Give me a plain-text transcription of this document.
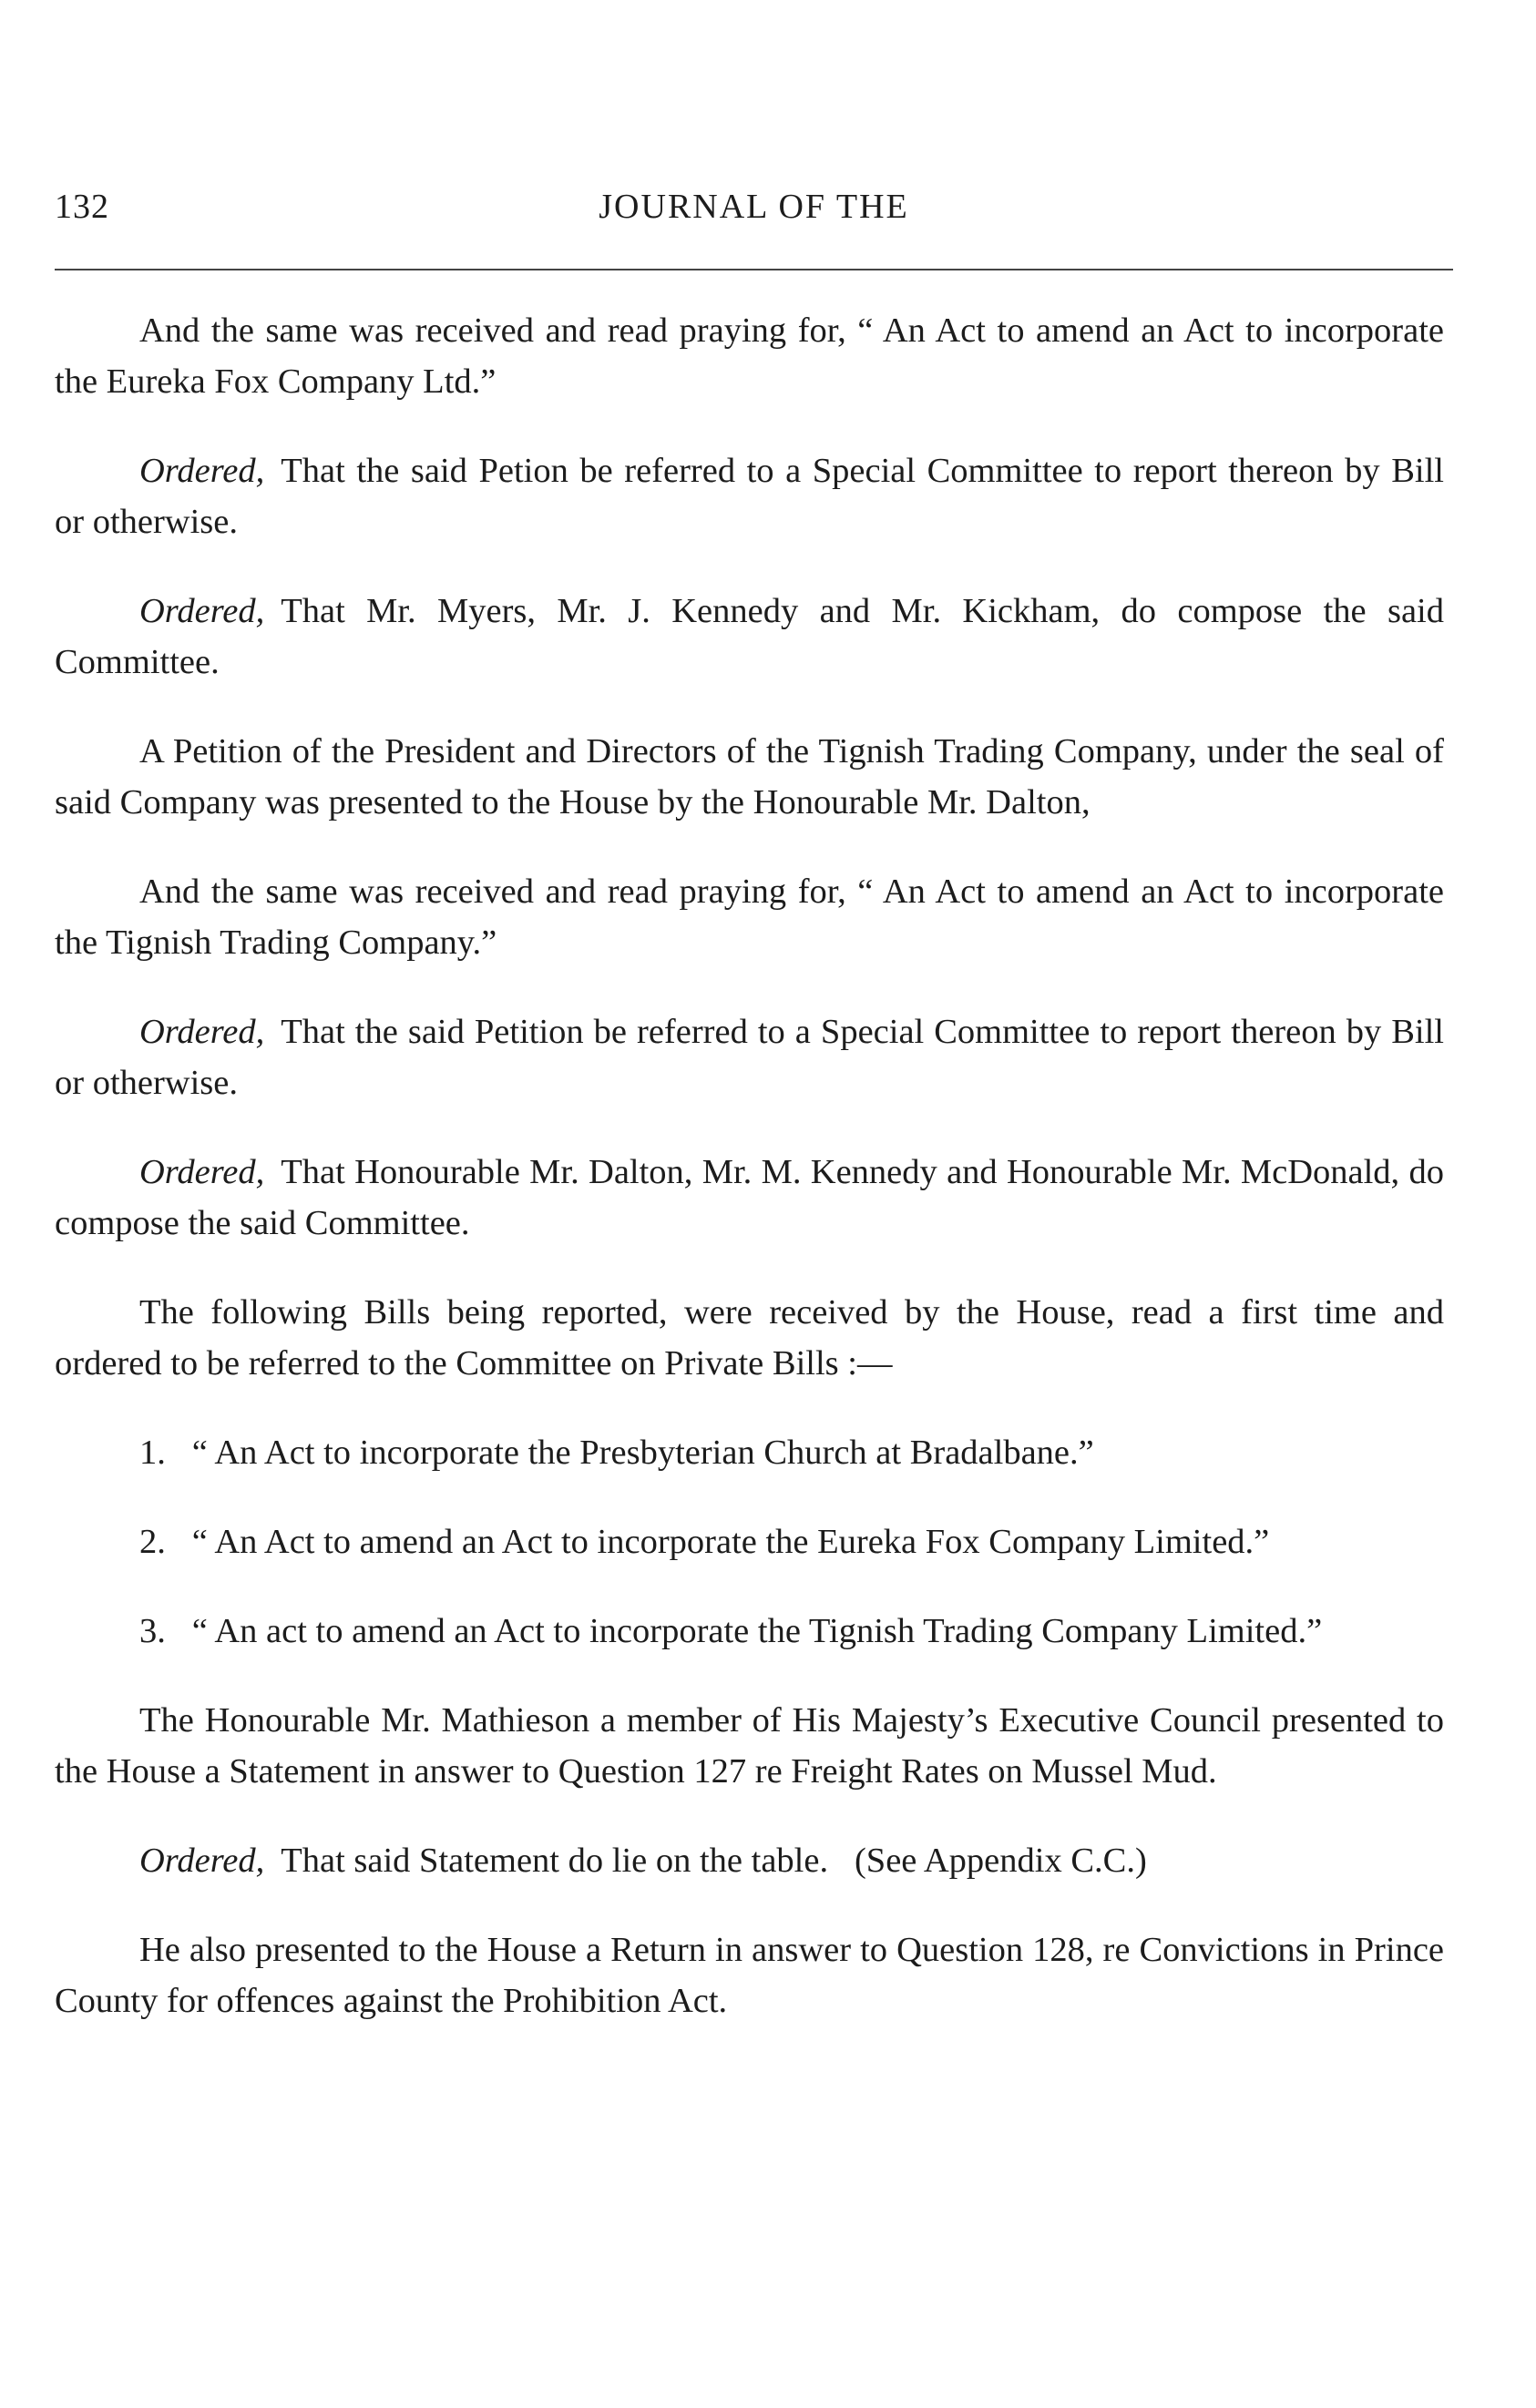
132	JOURNAL OF THE

And the same was received and read praying for, “ An Act to amend an Act to incorporate the Eureka Fox Company Ltd.”

Ordered, That the said Petion be referred to a Special Committee to report thereon by Bill or otherwise.

Ordered, That Mr. Myers, Mr. J. Kennedy and Mr. Kickham, do compose the said Committee.

A Petition of the President and Directors of the Tignish Trading Company, under the seal of said Company was presented to the House by the Honourable Mr. Dalton,

And the same was received and read praying for, “ An Act to amend an Act to incorporate the Tignish Trading Company.”

Ordered, That the said Petition be referred to a Special Committee to report thereon by Bill or otherwise.

Ordered, That Honourable Mr. Dalton, Mr. M. Kennedy and Honourable Mr. McDonald, do compose the said Committee.

The following Bills being reported, were received by the House, read a first time and ordered to be referred to the Committee on Private Bills :—

1.   “ An Act to incorporate the Presbyterian Church at Bradalbane.”

2.   “ An Act to amend an Act to incorporate the Eureka Fox Company Limited.”

3.   “ An act to amend an Act to incorporate the Tignish Trading Company Limited.”

The Honourable Mr. Mathieson a member of His Majesty’s Executive Council presented to the House a Statement in answer to Question 127 re Freight Rates on Mussel Mud.

Ordered, That said Statement do lie on the table.   (See Appendix C.C.)

He also presented to the House a Return in answer to Question 128, re Convictions in Prince County for offences against the Prohibition Act.
